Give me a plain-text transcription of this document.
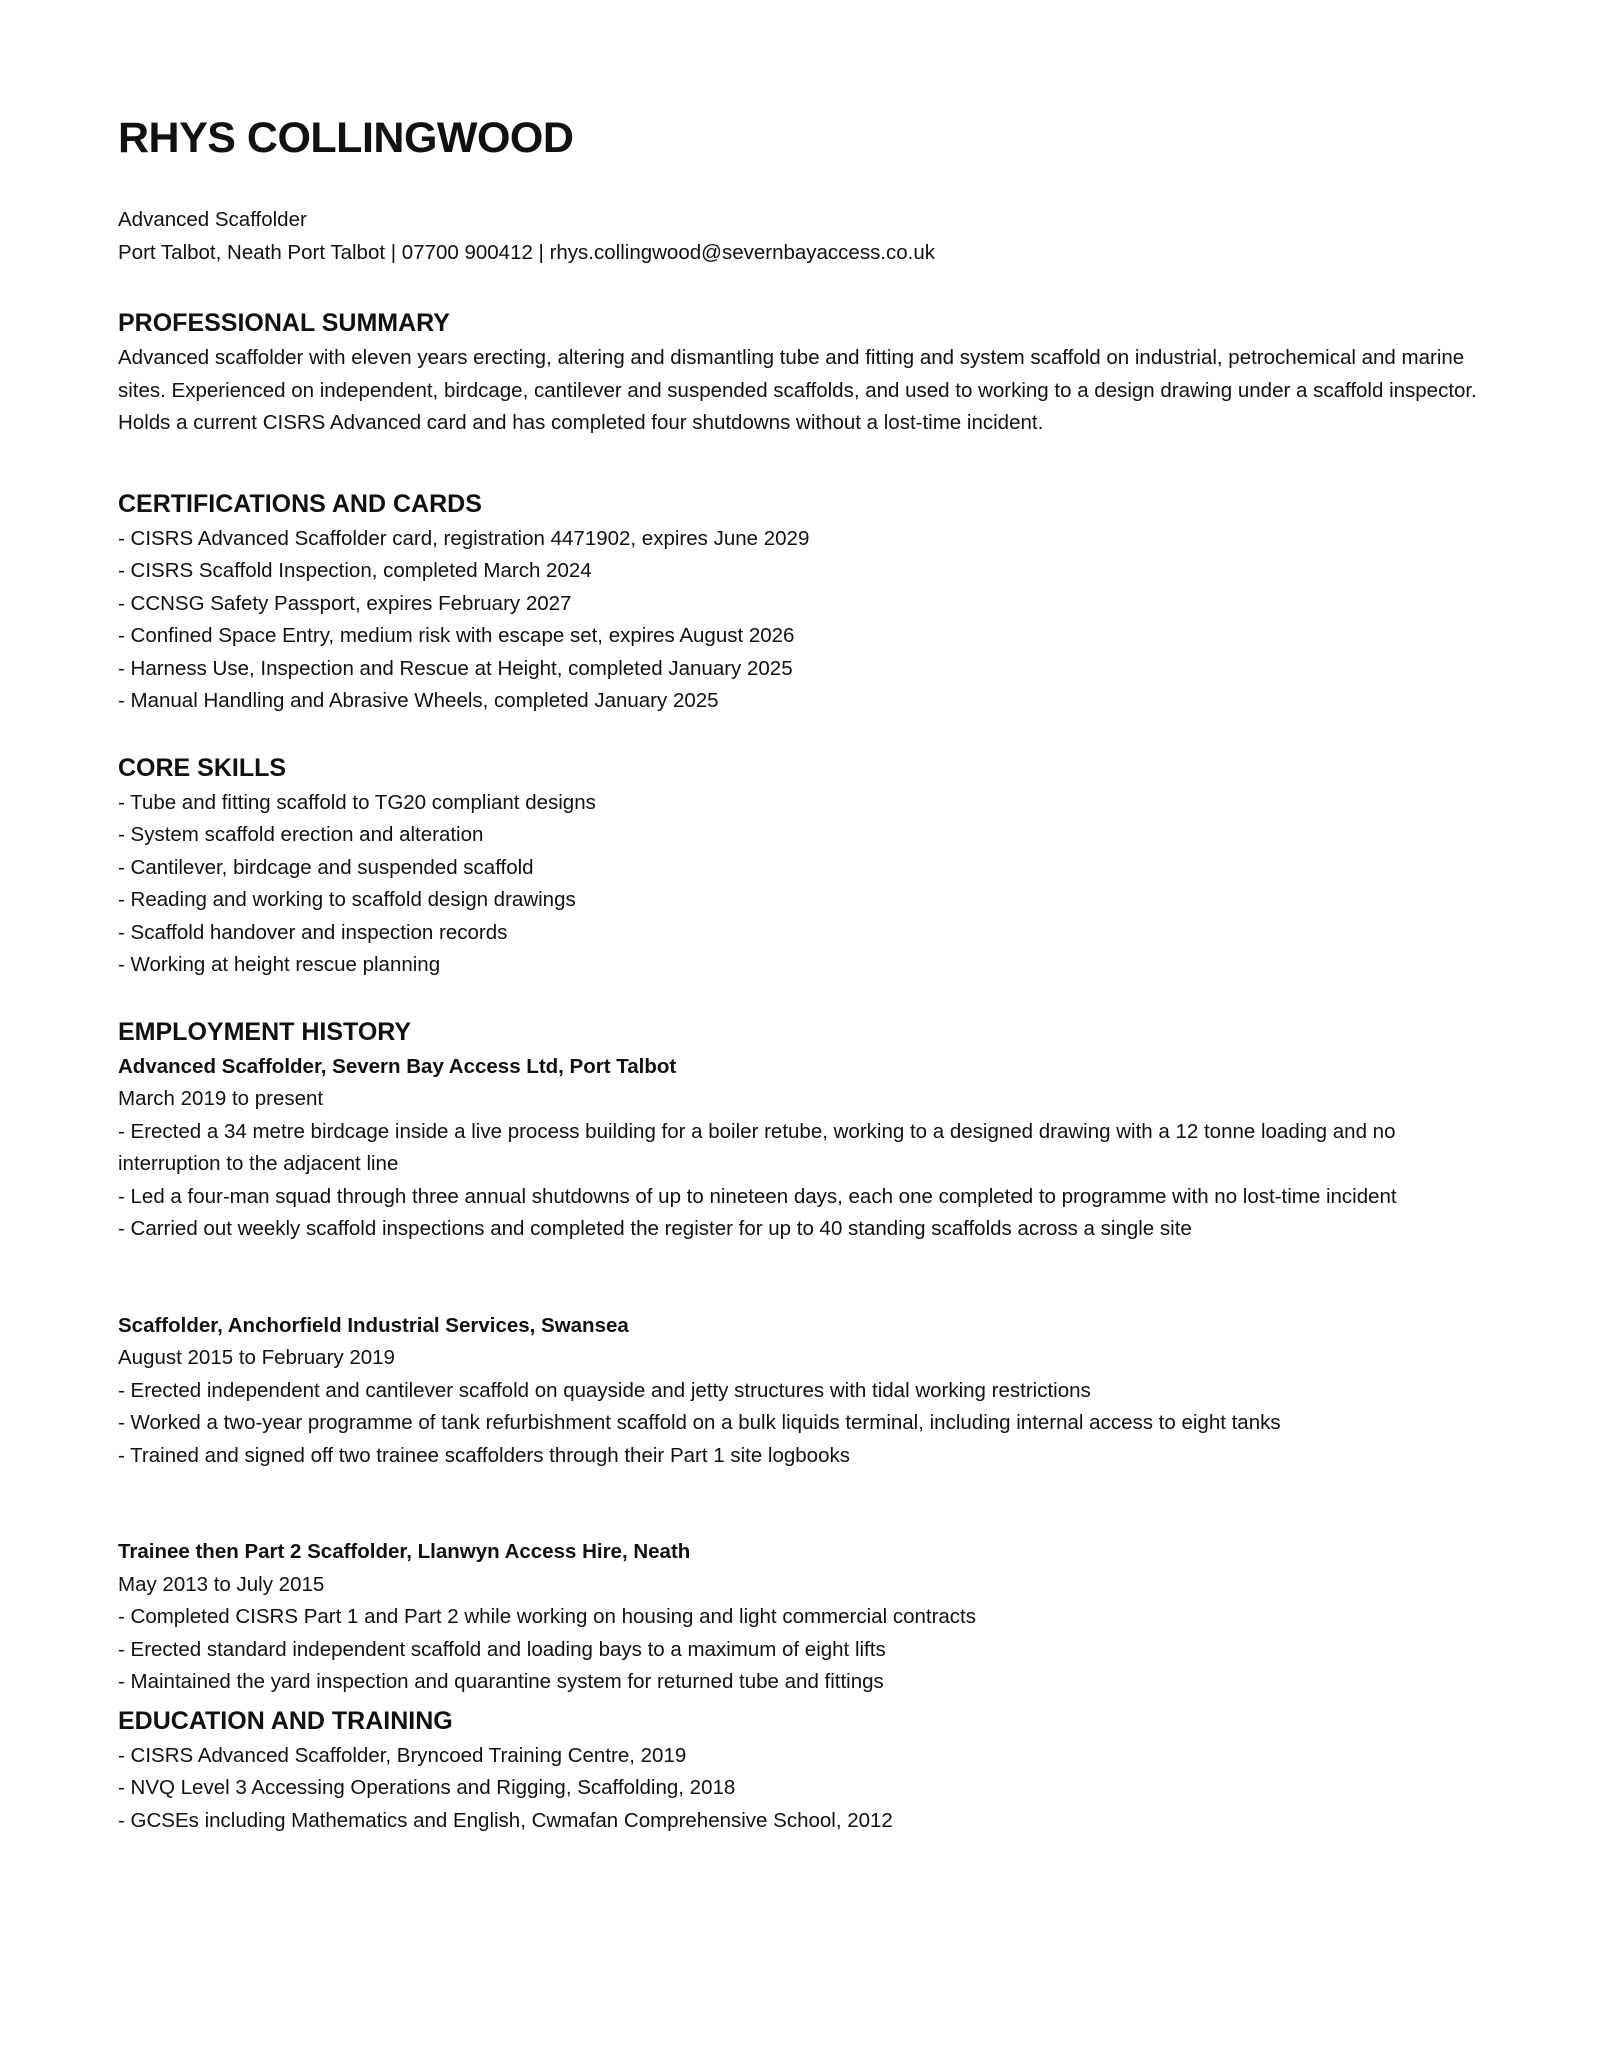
RHYS COLLINGWOOD

Advanced Scaffolder

Port Talbot, Neath Port Talbot | 07700 900412 | rhys.collingwood@severnbayaccess.co.uk

PROFESSIONAL SUMMARY

Advanced scaffolder with eleven years erecting, altering and dismantling tube and fitting and system scaffold on industrial, petrochemical and marine sites. Experienced on independent, birdcage, cantilever and suspended scaffolds, and used to working to a design drawing under a scaffold inspector. Holds a current CISRS Advanced card and has completed four shutdowns without a lost-time incident.

CERTIFICATIONS AND CARDS
- CISRS Advanced Scaffolder card, registration 4471902, expires June 2029
- CISRS Scaffold Inspection, completed March 2024
- CCNSG Safety Passport, expires February 2027
- Confined Space Entry, medium risk with escape set, expires August 2026
- Harness Use, Inspection and Rescue at Height, completed January 2025
- Manual Handling and Abrasive Wheels, completed January 2025
CORE SKILLS
- Tube and fitting scaffold to TG20 compliant designs
- System scaffold erection and alteration
- Cantilever, birdcage and suspended scaffold
- Reading and working to scaffold design drawings
- Scaffold handover and inspection records
- Working at height rescue planning
EMPLOYMENT HISTORY

Advanced Scaffolder, Severn Bay Access Ltd, Port Talbot

March 2019 to present

- Erected a 34 metre birdcage inside a live process building for a boiler retube, working to a designed drawing with a 12 tonne loading and no interruption to the adjacent line
- Led a four-man squad through three annual shutdowns of up to nineteen days, each one completed to programme with no lost-time incident
- Carried out weekly scaffold inspections and completed the register for up to 40 standing scaffolds across a single site

Scaffolder, Anchorfield Industrial Services, Swansea

August 2015 to February 2019

- Erected independent and cantilever scaffold on quayside and jetty structures with tidal working restrictions
- Worked a two-year programme of tank refurbishment scaffold on a bulk liquids terminal, including internal access to eight tanks
- Trained and signed off two trainee scaffolders through their Part 1 site logbooks

Trainee then Part 2 Scaffolder, Llanwyn Access Hire, Neath

May 2013 to July 2015

- Completed CISRS Part 1 and Part 2 while working on housing and light commercial contracts
- Erected standard independent scaffold and loading bays to a maximum of eight lifts
- Maintained the yard inspection and quarantine system for returned tube and fittings
EDUCATION AND TRAINING
- CISRS Advanced Scaffolder, Bryncoed Training Centre, 2019
- NVQ Level 3 Accessing Operations and Rigging, Scaffolding, 2018
- GCSEs including Mathematics and English, Cwmafan Comprehensive School, 2012
